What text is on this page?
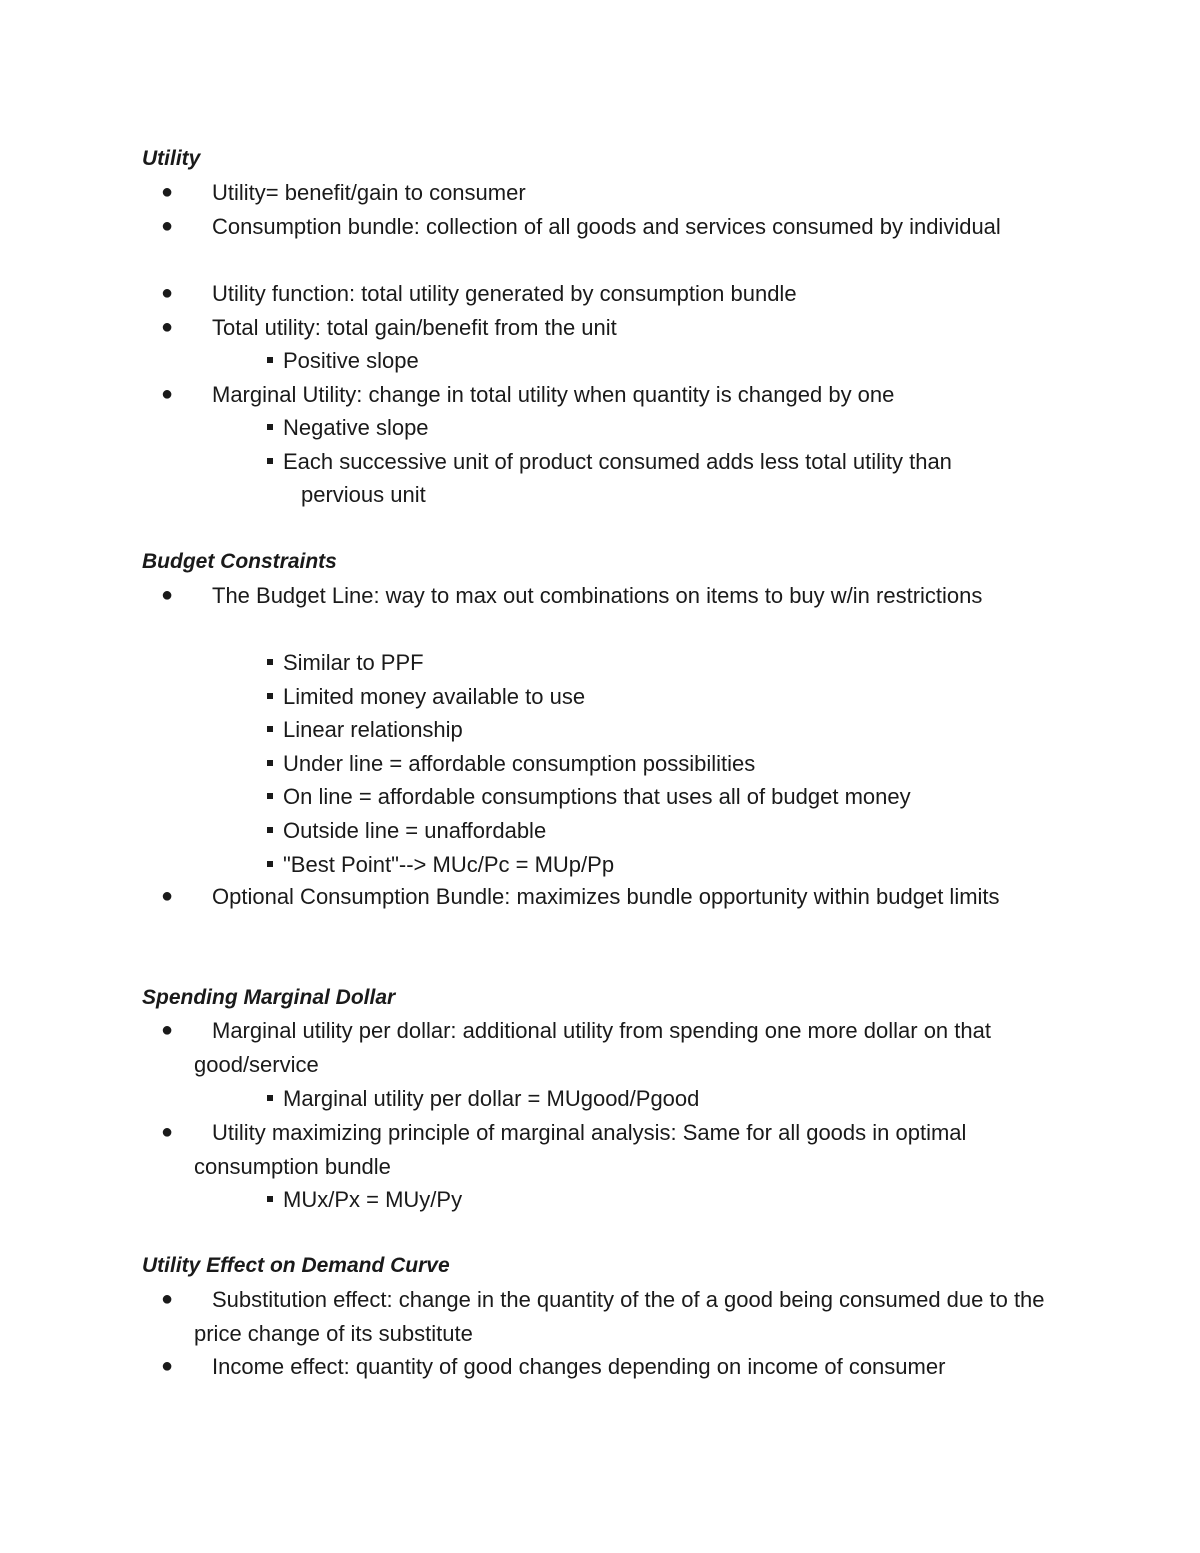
Utility
●	Utility= benefit/gain to consumer
●	Consumption bundle: collection of all goods and services consumed by individual
●	Utility function: total utility generated by consumption bundle
●	Total utility: total gain/benefit from the unit
Positive slope
●	Marginal Utility: change in total utility when quantity is changed by one
Negative slope
Each successive unit of product consumed adds less total utility than
pervious unit
Budget Constraints
●	The Budget Line: way to max out combinations on items to buy w/in restrictions
Similar to PPF
Limited money available to use
Linear relationship
Under line = affordable consumption possibilities
On line = affordable consumptions that uses all of budget money
Outside line = unaffordable
"Best Point"--> MUc/Pc = MUp/Pp
●	Optional Consumption Bundle: maximizes bundle opportunity within budget limits
Spending Marginal Dollar
●	Marginal utility per dollar: additional utility from spending one more dollar on that good/service
Marginal utility per dollar = MUgood/Pgood
●	Utility maximizing principle of marginal analysis: Same for all goods in optimal consumption bundle
MUx/Px = MUy/Py
Utility Effect on Demand Curve
●	Substitution effect: change in the quantity of the of a good being consumed due to the price change of its substitute
●	Income effect: quantity of good changes depending on income of consumer
